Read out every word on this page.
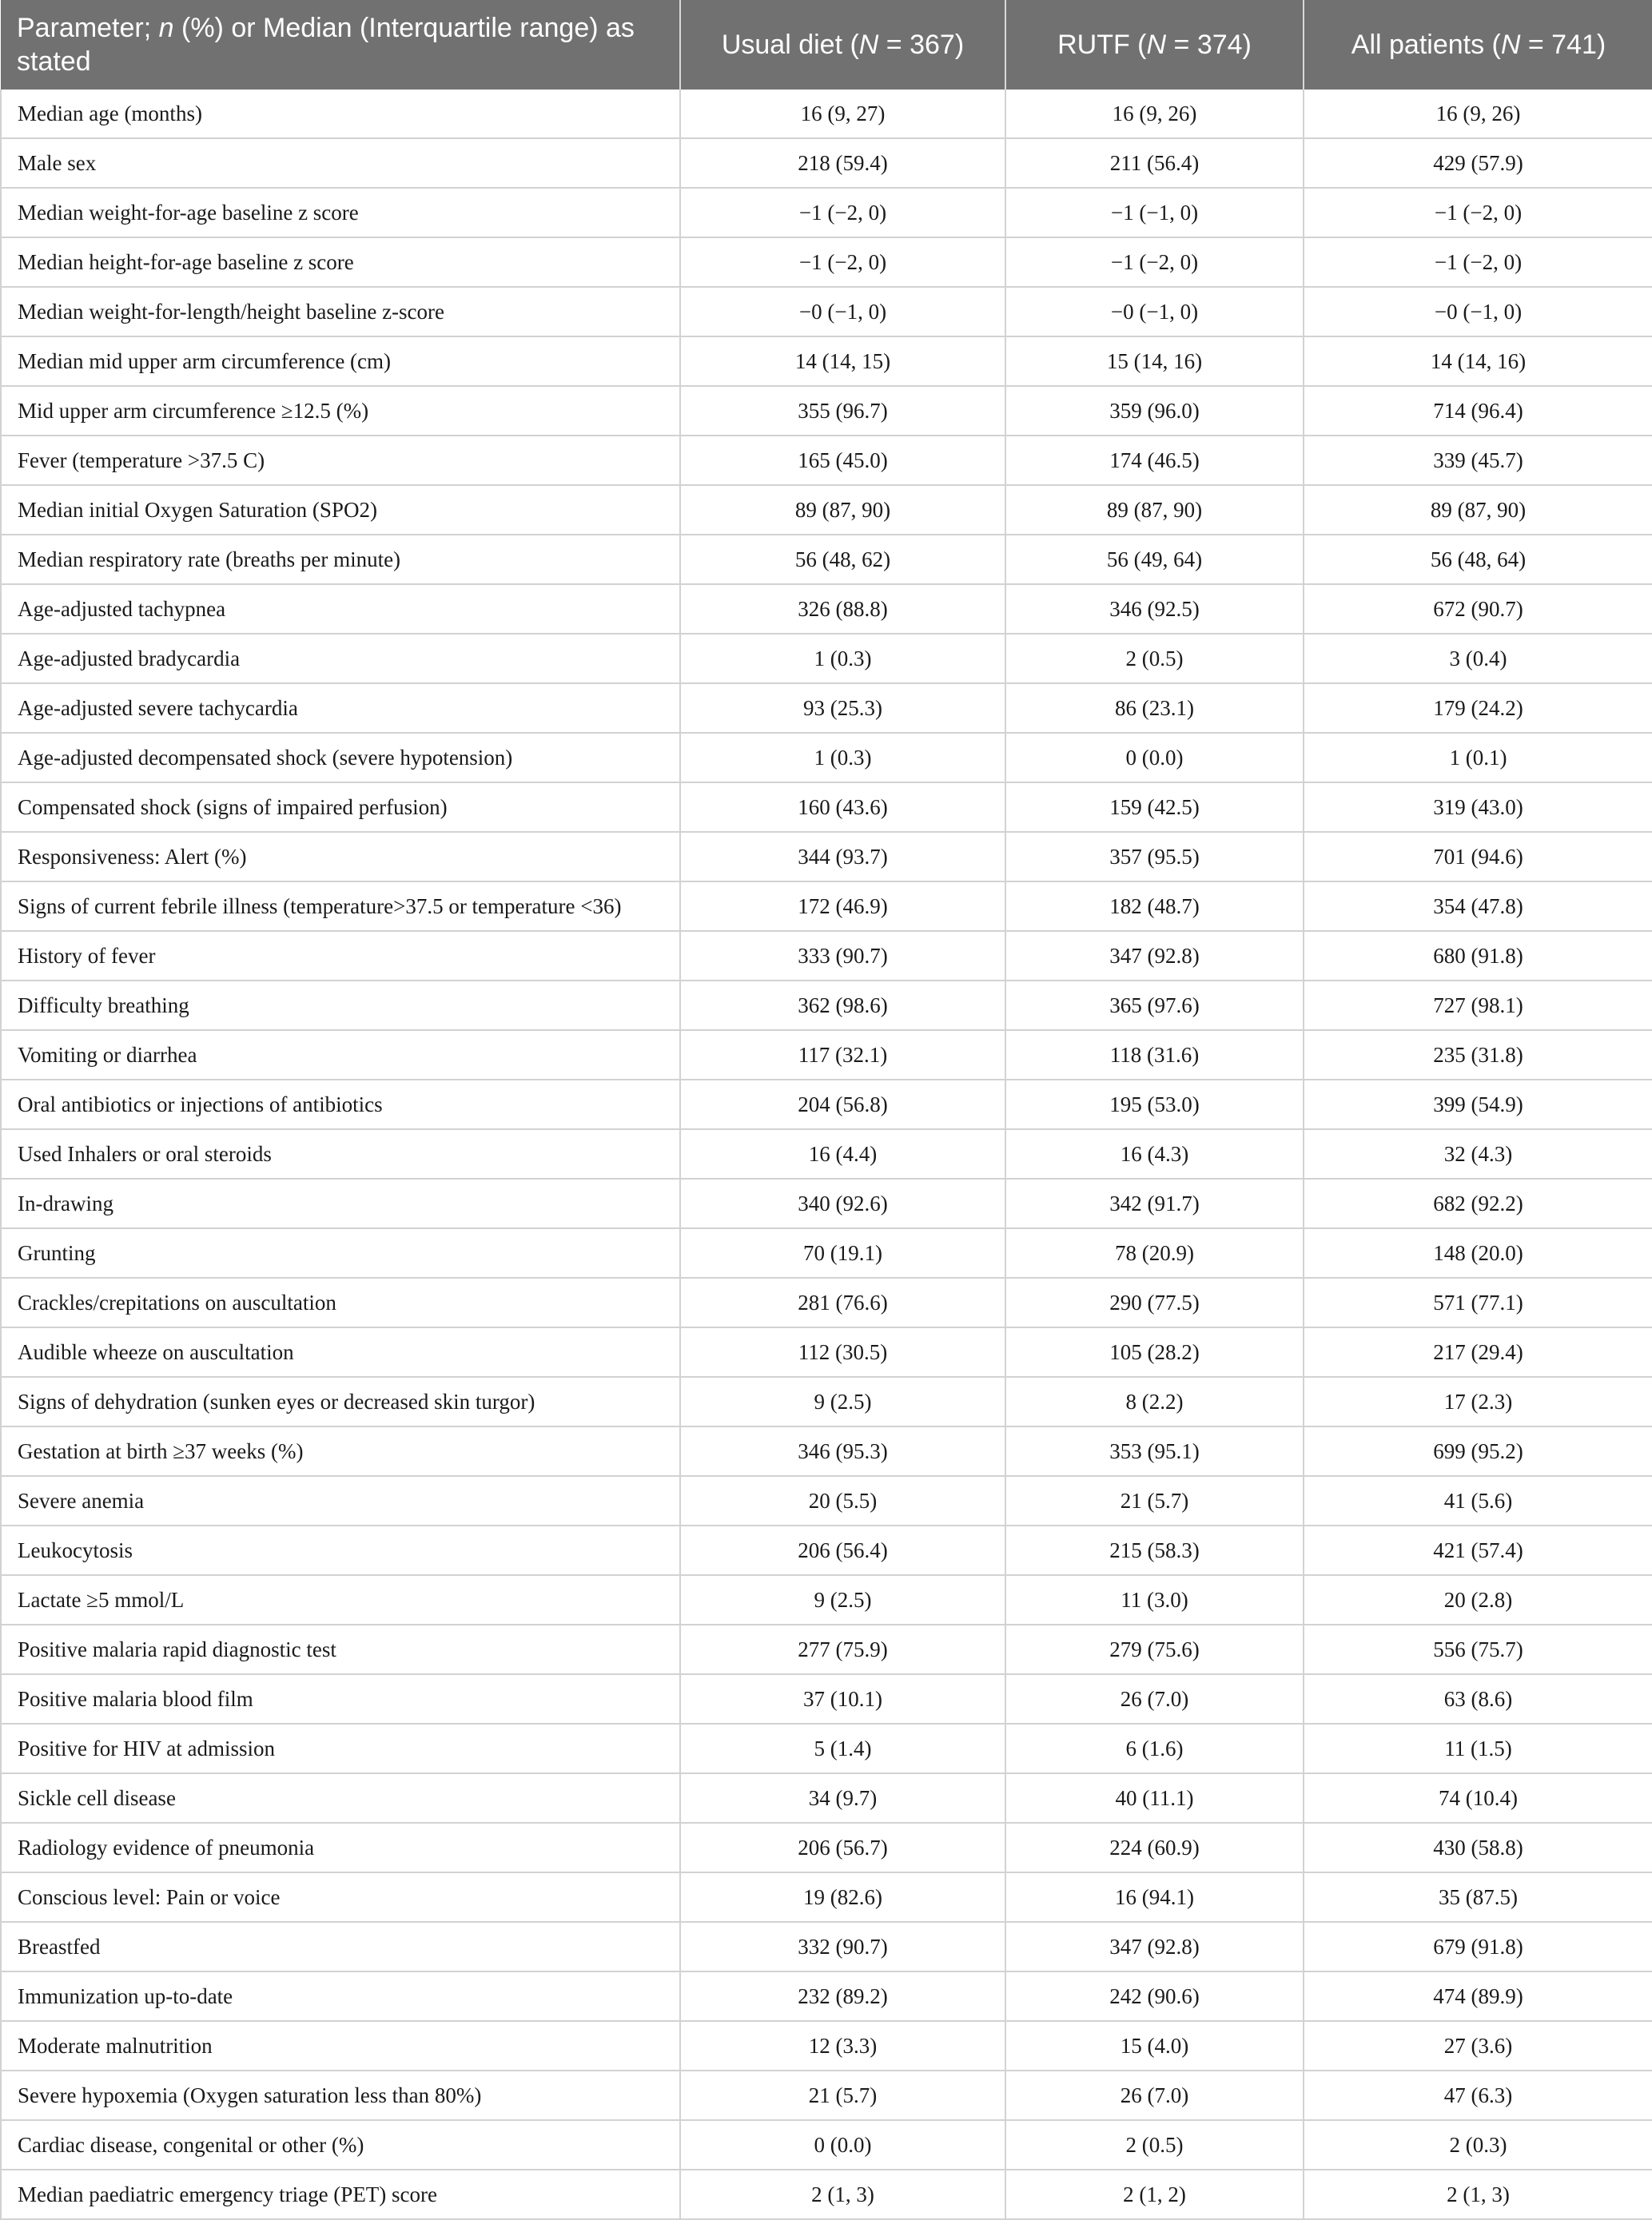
Parameter; n (%) or Median (Interquartile range) as stated	Usual diet (N = 367)	RUTF (N = 374)	All patients (N = 741)
Median age (months)	16 (9, 27)	16 (9, 26)	16 (9, 26)
Male sex	218 (59.4)	211 (56.4)	429 (57.9)
Median weight-for-age baseline z score	−1 (−2, 0)	−1 (−1, 0)	−1 (−2, 0)
Median height-for-age baseline z score	−1 (−2, 0)	−1 (−2, 0)	−1 (−2, 0)
Median weight-for-length/height baseline z-score	−0 (−1, 0)	−0 (−1, 0)	−0 (−1, 0)
Median mid upper arm circumference (cm)	14 (14, 15)	15 (14, 16)	14 (14, 16)
Mid upper arm circumference ≥12.5 (%)	355 (96.7)	359 (96.0)	714 (96.4)
Fever (temperature >37.5 C)	165 (45.0)	174 (46.5)	339 (45.7)
Median initial Oxygen Saturation (SPO2)	89 (87, 90)	89 (87, 90)	89 (87, 90)
Median respiratory rate (breaths per minute)	56 (48, 62)	56 (49, 64)	56 (48, 64)
Age-adjusted tachypnea	326 (88.8)	346 (92.5)	672 (90.7)
Age-adjusted bradycardia	1 (0.3)	2 (0.5)	3 (0.4)
Age-adjusted severe tachycardia	93 (25.3)	86 (23.1)	179 (24.2)
Age-adjusted decompensated shock (severe hypotension)	1 (0.3)	0 (0.0)	1 (0.1)
Compensated shock (signs of impaired perfusion)	160 (43.6)	159 (42.5)	319 (43.0)
Responsiveness: Alert (%)	344 (93.7)	357 (95.5)	701 (94.6)
Signs of current febrile illness (temperature>37.5 or temperature <36)	172 (46.9)	182 (48.7)	354 (47.8)
History of fever	333 (90.7)	347 (92.8)	680 (91.8)
Difficulty breathing	362 (98.6)	365 (97.6)	727 (98.1)
Vomiting or diarrhea	117 (32.1)	118 (31.6)	235 (31.8)
Oral antibiotics or injections of antibiotics	204 (56.8)	195 (53.0)	399 (54.9)
Used Inhalers or oral steroids	16 (4.4)	16 (4.3)	32 (4.3)
In-drawing	340 (92.6)	342 (91.7)	682 (92.2)
Grunting	70 (19.1)	78 (20.9)	148 (20.0)
Crackles/crepitations on auscultation	281 (76.6)	290 (77.5)	571 (77.1)
Audible wheeze on auscultation	112 (30.5)	105 (28.2)	217 (29.4)
Signs of dehydration (sunken eyes or decreased skin turgor)	9 (2.5)	8 (2.2)	17 (2.3)
Gestation at birth ≥37 weeks (%)	346 (95.3)	353 (95.1)	699 (95.2)
Severe anemia	20 (5.5)	21 (5.7)	41 (5.6)
Leukocytosis	206 (56.4)	215 (58.3)	421 (57.4)
Lactate ≥5 mmol/L	9 (2.5)	11 (3.0)	20 (2.8)
Positive malaria rapid diagnostic test	277 (75.9)	279 (75.6)	556 (75.7)
Positive malaria blood film	37 (10.1)	26 (7.0)	63 (8.6)
Positive for HIV at admission	5 (1.4)	6 (1.6)	11 (1.5)
Sickle cell disease	34 (9.7)	40 (11.1)	74 (10.4)
Radiology evidence of pneumonia	206 (56.7)	224 (60.9)	430 (58.8)
Conscious level: Pain or voice	19 (82.6)	16 (94.1)	35 (87.5)
Breastfed	332 (90.7)	347 (92.8)	679 (91.8)
Immunization up-to-date	232 (89.2)	242 (90.6)	474 (89.9)
Moderate malnutrition	12 (3.3)	15 (4.0)	27 (3.6)
Severe hypoxemia (Oxygen saturation less than 80%)	21 (5.7)	26 (7.0)	47 (6.3)
Cardiac disease, congenital or other (%)	0 (0.0)	2 (0.5)	2 (0.3)
Median paediatric emergency triage (PET) score	2 (1, 3)	2 (1, 2)	2 (1, 3)
